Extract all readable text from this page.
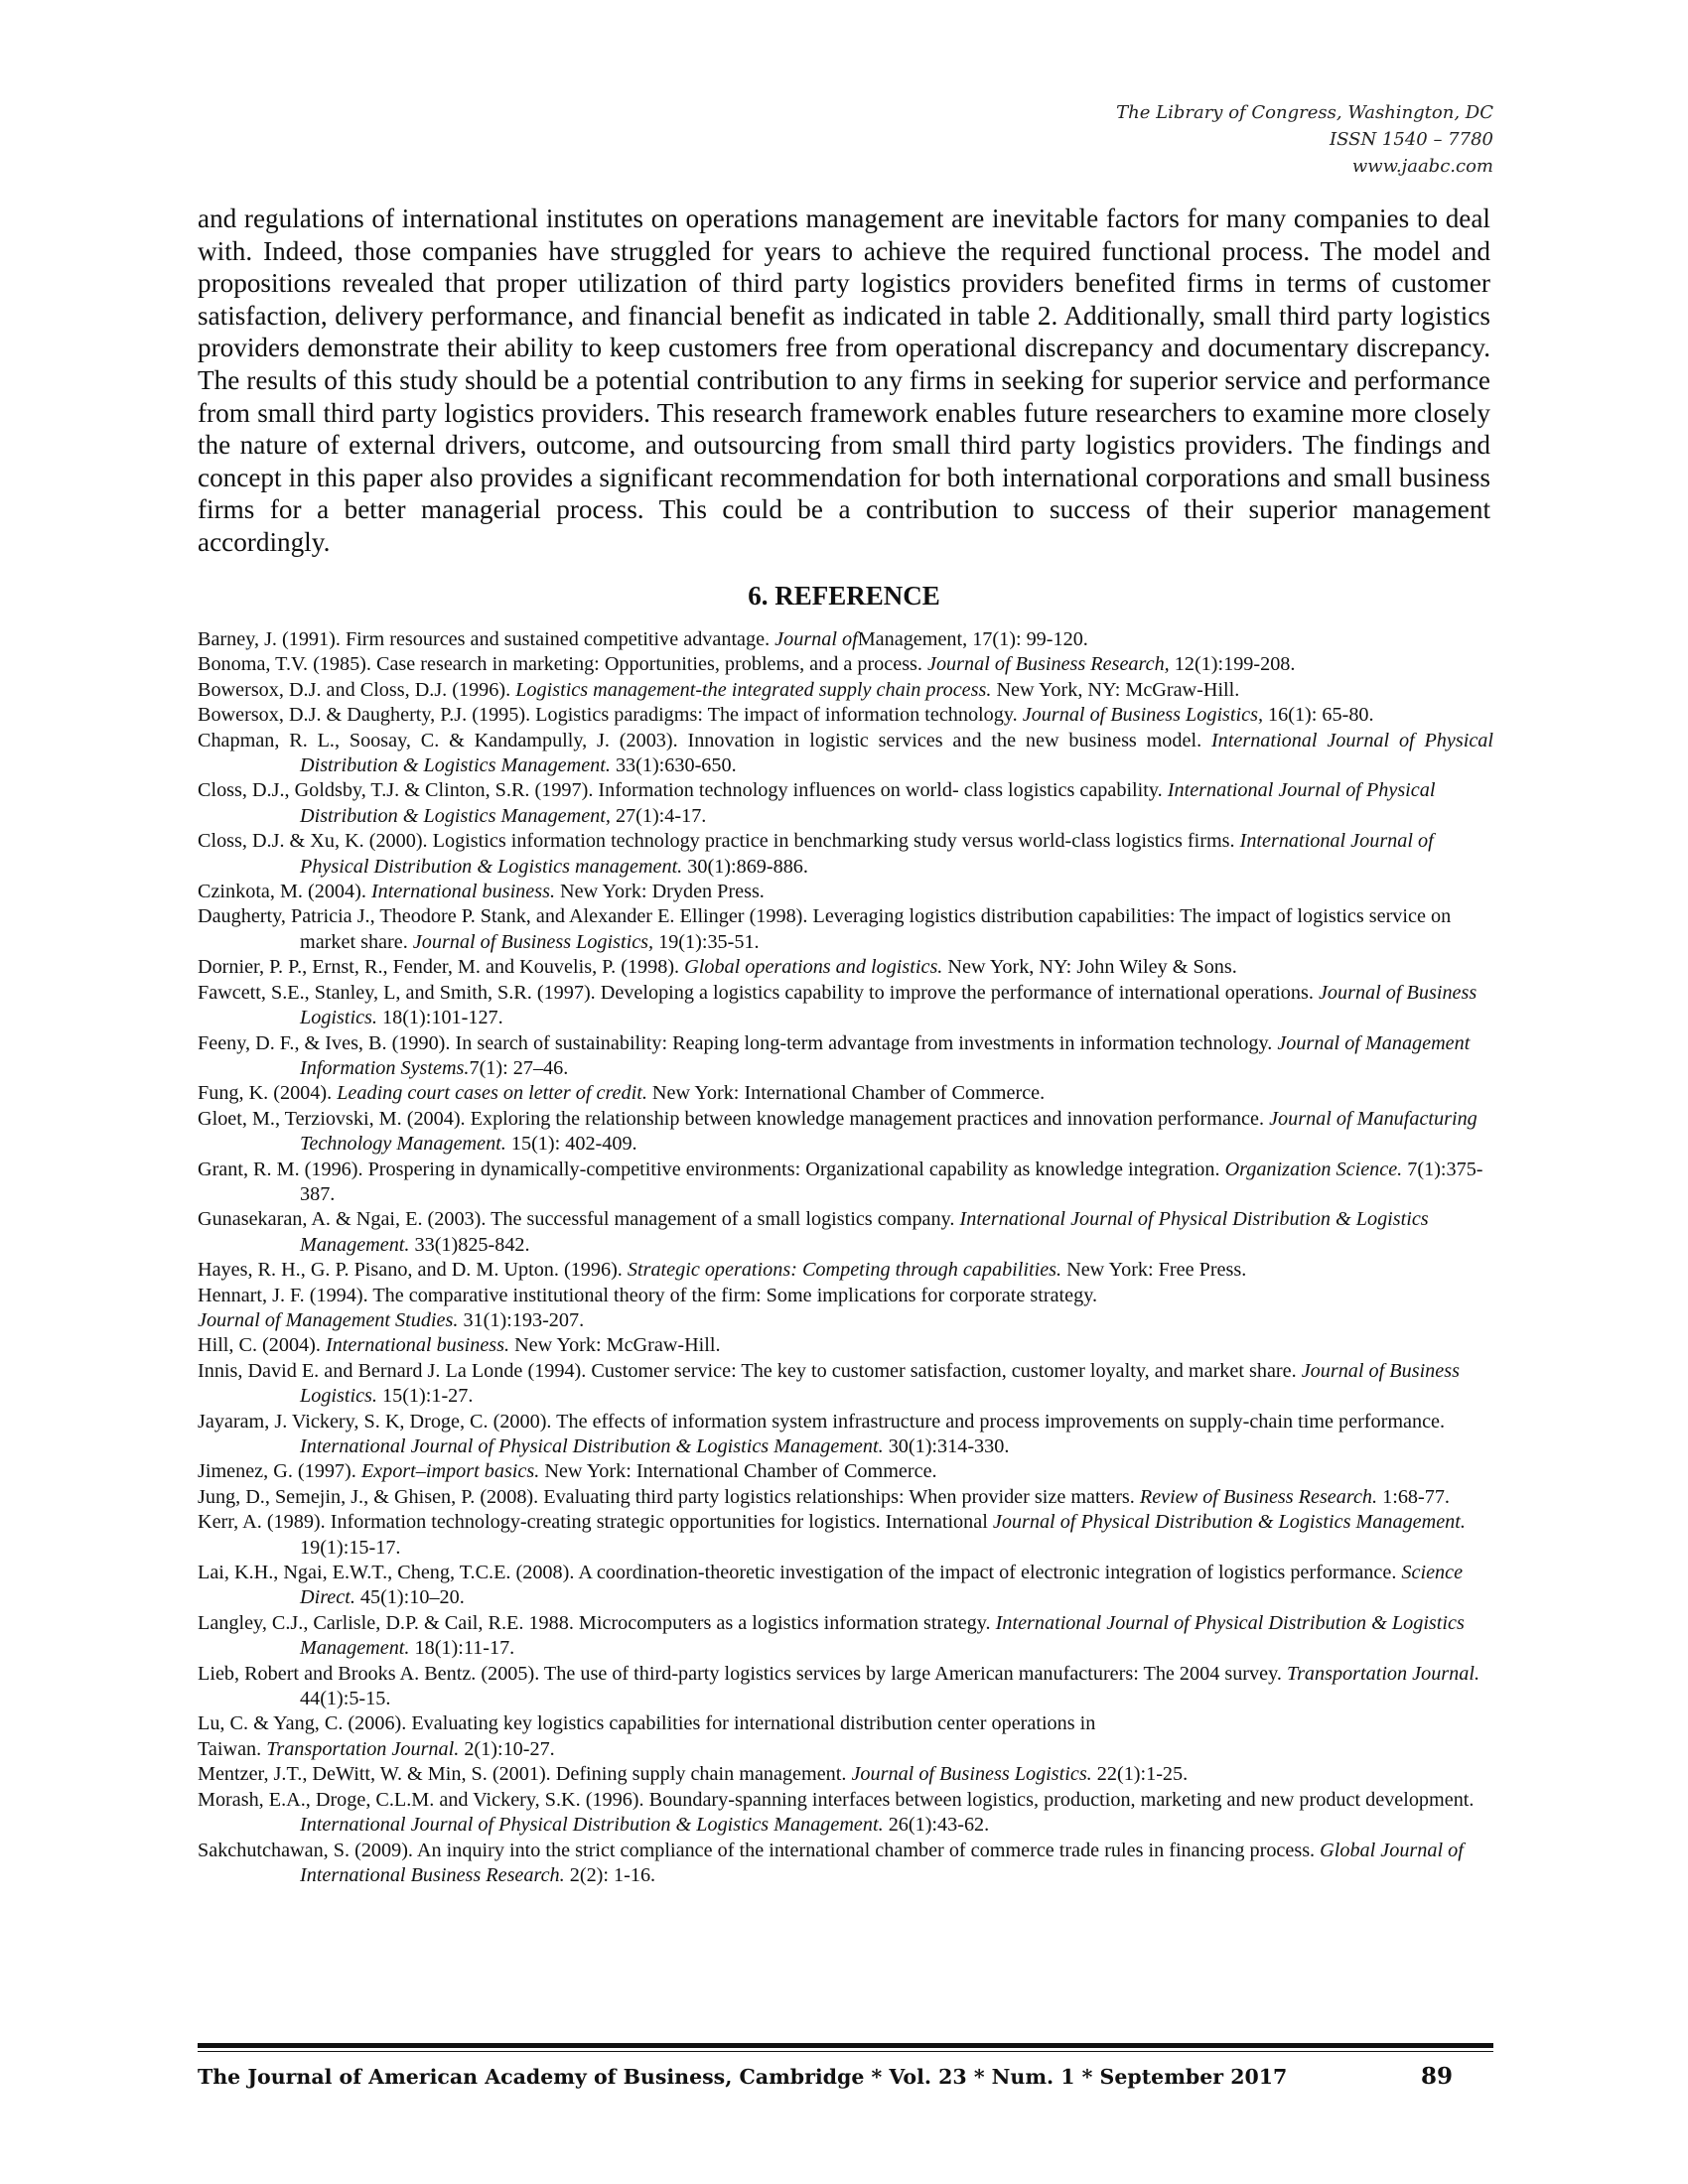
The Library of Congress, Washington, DC
ISSN 1540 – 7780
www.jaabc.com

and regulations of international institutes on operations management are inevitable factors for many companies to deal with. Indeed, those companies have struggled for years to achieve the required functional process. The model and propositions revealed that proper utilization of third party logistics providers benefited firms in terms of customer satisfaction, delivery performance, and financial benefit as indicated in table 2. Additionally, small third party logistics providers demonstrate their ability to keep customers free from operational discrepancy and documentary discrepancy. The results of this study should be a potential contribution to any firms in seeking for superior service and performance from small third party logistics providers. This research framework enables future researchers to examine more closely the nature of external drivers, outcome, and outsourcing from small third party logistics providers. The findings and concept in this paper also provides a significant recommendation for both international corporations and small business firms for a better managerial process. This could be a contribution to success of their superior management accordingly.

6. REFERENCE

Barney, J. (1991). Firm resources and sustained competitive advantage. Journal ofManagement, 17(1): 99-120.

Bonoma, T.V. (1985). Case research in marketing: Opportunities, problems, and a process. Journal of Business Research, 12(1):199-208.

Bowersox, D.J. and Closs, D.J. (1996). Logistics management-the integrated supply chain process. New York, NY: McGraw-Hill.

Bowersox, D.J. & Daugherty, P.J. (1995). Logistics paradigms: The impact of information technology. Journal of Business Logistics, 16(1): 65-80.

Chapman, R. L., Soosay, C. & Kandampully, J. (2003). Innovation in logistic services and the new business model. International Journal of Physical Distribution & Logistics Management. 33(1):630-650.

Closs, D.J., Goldsby, T.J. & Clinton, S.R. (1997). Information technology influences on world- class logistics capability. International Journal of Physical Distribution & Logistics Management, 27(1):4-17.

Closs, D.J. & Xu, K. (2000). Logistics information technology practice in benchmarking study versus world-class logistics firms. International Journal of Physical Distribution & Logistics management. 30(1):869-886.

Czinkota, M. (2004). International business. New York: Dryden Press.

Daugherty, Patricia J., Theodore P. Stank, and Alexander E. Ellinger (1998). Leveraging logistics distribution capabilities: The impact of logistics service on market share. Journal of Business Logistics, 19(1):35-51.

Dornier, P. P., Ernst, R., Fender, M. and Kouvelis, P. (1998). Global operations and logistics. New York, NY: John Wiley & Sons.

Fawcett, S.E., Stanley, L, and Smith, S.R. (1997). Developing a logistics capability to improve the performance of international operations. Journal of Business Logistics. 18(1):101-127.

Feeny, D. F., & Ives, B. (1990). In search of sustainability: Reaping long-term advantage from investments in information technology. Journal of Management Information Systems.7(1): 27–46.

Fung, K. (2004). Leading court cases on letter of credit. New York: International Chamber of Commerce.

Gloet, M., Terziovski, M. (2004). Exploring the relationship between knowledge management practices and innovation performance. Journal of Manufacturing Technology Management. 15(1): 402-409.

Grant, R. M. (1996). Prospering in dynamically-competitive environments: Organizational capability as knowledge integration. Organization Science. 7(1):375-387.

Gunasekaran, A. & Ngai, E. (2003). The successful management of a small logistics company. International Journal of Physical Distribution & Logistics Management. 33(1)825-842.

Hayes, R. H., G. P. Pisano, and D. M. Upton. (1996). Strategic operations: Competing through capabilities. New York: Free Press.

Hennart, J. F. (1994). The comparative institutional theory of the firm: Some implications for corporate strategy.

Journal of Management Studies. 31(1):193-207.

Hill, C. (2004). International business. New York: McGraw-Hill.

Innis, David E. and Bernard J. La Londe (1994). Customer service: The key to customer satisfaction, customer loyalty, and market share. Journal of Business Logistics. 15(1):1-27.

Jayaram, J. Vickery, S. K, Droge, C. (2000). The effects of information system infrastructure and process improvements on supply-chain time performance. International Journal of Physical Distribution & Logistics Management. 30(1):314-330.

Jimenez, G. (1997). Export–import basics. New York: International Chamber of Commerce.

Jung, D., Semejin, J., & Ghisen, P. (2008). Evaluating third party logistics relationships: When provider size matters. Review of Business Research. 1:68-77.

Kerr, A. (1989). Information technology-creating strategic opportunities for logistics. International Journal of Physical Distribution & Logistics Management. 19(1):15-17.

Lai, K.H., Ngai, E.W.T., Cheng, T.C.E. (2008). A coordination-theoretic investigation of the impact of electronic integration of logistics performance. Science Direct. 45(1):10–20.

Langley, C.J., Carlisle, D.P. & Cail, R.E. 1988. Microcomputers as a logistics information strategy. International Journal of Physical Distribution & Logistics Management. 18(1):11-17.

Lieb, Robert and Brooks A. Bentz. (2005). The use of third-party logistics services by large American manufacturers: The 2004 survey. Transportation Journal. 44(1):5-15.

Lu, C. & Yang, C. (2006). Evaluating key logistics capabilities for international distribution center operations in

Taiwan. Transportation Journal. 2(1):10-27.

Mentzer, J.T., DeWitt, W. & Min, S. (2001). Defining supply chain management. Journal of Business Logistics. 22(1):1-25.

Morash, E.A., Droge, C.L.M. and Vickery, S.K. (1996). Boundary-spanning interfaces between logistics, production, marketing and new product development. International Journal of Physical Distribution & Logistics Management. 26(1):43-62.

Sakchutchawan, S. (2009). An inquiry into the strict compliance of the international chamber of commerce trade rules in financing process. Global Journal of International Business Research. 2(2): 1-16.

The Journal of American Academy of Business, Cambridge * Vol. 23 * Num. 1 * September 2017	89
